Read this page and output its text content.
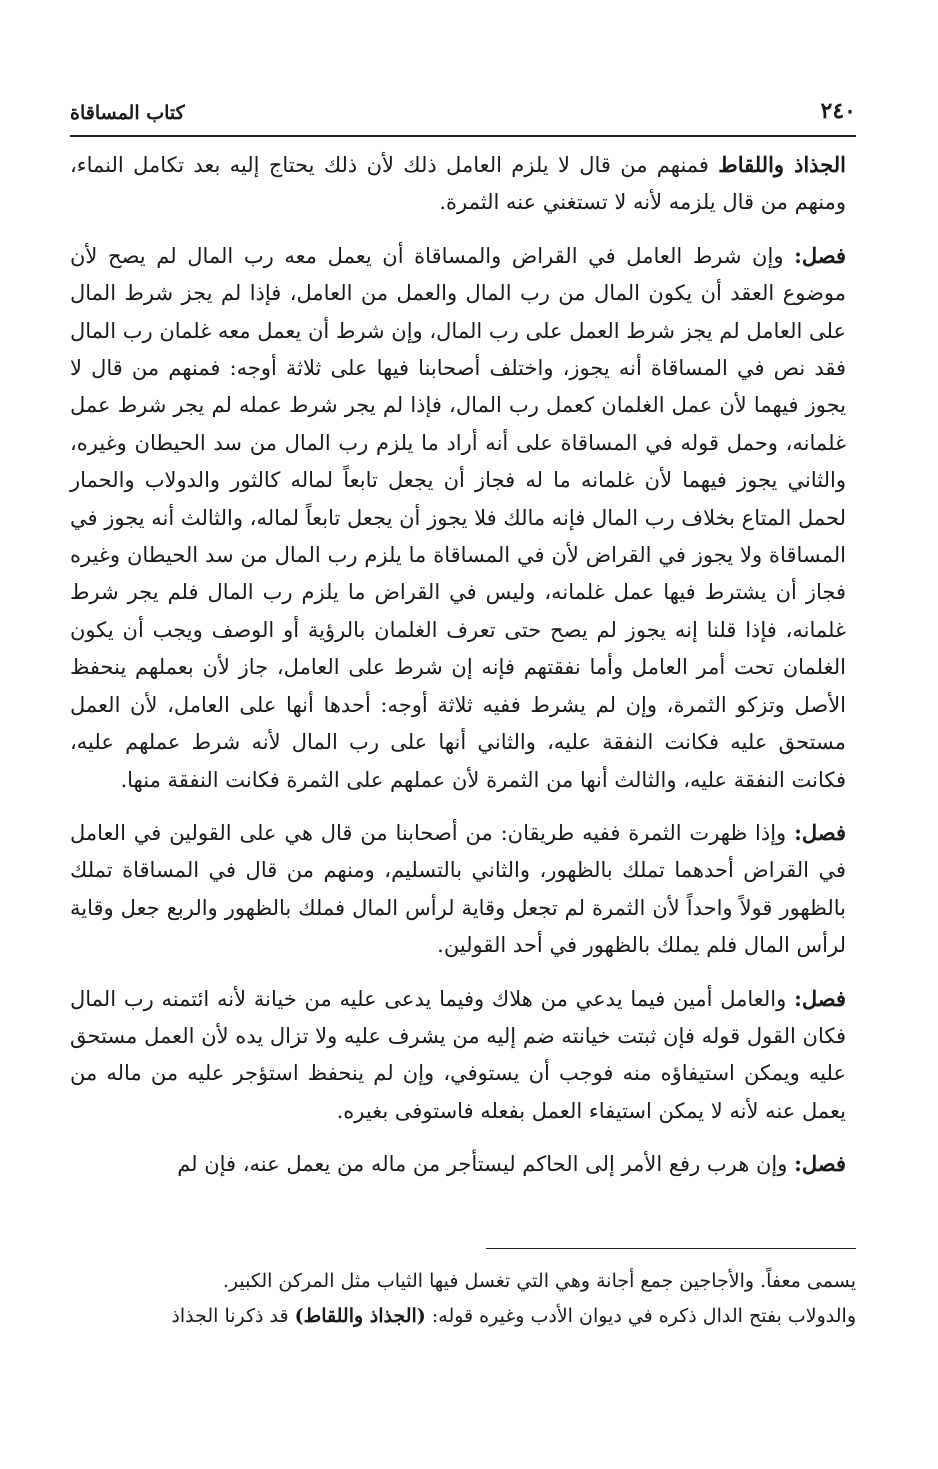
٢٤٠
كتاب المساقاة

الجذاذ واللقاط فمنهم من قال لا يلزم العامل ذلك لأن ذلك يحتاج إليه بعد تكامل النماء، ومنهم من قال يلزمه لأنه لا تستغني عنه الثمرة.

فصل: وإن شرط العامل في القراض والمساقاة أن يعمل معه رب المال لم يصح لأن موضوع العقد أن يكون المال من رب المال والعمل من العامل، فإذا لم يجز شرط المال على العامل لم يجز شرط العمل على رب المال، وإن شرط أن يعمل معه غلمان رب المال فقد نص في المساقاة أنه يجوز، واختلف أصحابنا فيها على ثلاثة أوجه: فمنهم من قال لا يجوز فيهما لأن عمل الغلمان كعمل رب المال، فإذا لم يجر شرط عمله لم يجر شرط عمل غلمانه، وحمل قوله في المساقاة على أنه أراد ما يلزم رب المال من سد الحيطان وغيره، والثاني يجوز فيهما لأن غلمانه ما له فجاز أن يجعل تابعاً لماله كالثور والدولاب والحمار لحمل المتاع بخلاف رب المال فإنه مالك فلا يجوز أن يجعل تابعاً لماله، والثالث أنه يجوز في المساقاة ولا يجوز في القراض لأن في المساقاة ما يلزم رب المال من سد الحيطان وغيره فجاز أن يشترط فيها عمل غلمانه، وليس في القراض ما يلزم رب المال فلم يجر شرط غلمانه، فإذا قلنا إنه يجوز لم يصح حتى تعرف الغلمان بالرؤية أو الوصف ويجب أن يكون الغلمان تحت أمر العامل وأما نفقتهم فإنه إن شرط على العامل، جاز لأن بعملهم ينحفظ الأصل وتزكو الثمرة، وإن لم يشرط ففيه ثلاثة أوجه: أحدها أنها على العامل، لأن العمل مستحق عليه فكانت النفقة عليه، والثاني أنها على رب المال لأنه شرط عملهم عليه، فكانت النفقة عليه، والثالث أنها من الثمرة لأن عملهم على الثمرة فكانت النفقة منها.

فصل: وإذا ظهرت الثمرة ففيه طريقان: من أصحابنا من قال هي على القولين في العامل في القراض أحدهما تملك بالظهور، والثاني بالتسليم، ومنهم من قال في المساقاة تملك بالظهور قولاً واحداً لأن الثمرة لم تجعل وقاية لرأس المال فملك بالظهور والربع جعل وقاية لرأس المال فلم يملك بالظهور في أحد القولين.

فصل: والعامل أمين فيما يدعي من هلاك وفيما يدعى عليه من خيانة لأنه ائتمنه رب المال فكان القول قوله فإن ثبتت خيانته ضم إليه من يشرف عليه ولا تزال يده لأن العمل مستحق عليه ويمكن استيفاؤه منه فوجب أن يستوفي، وإن لم ينحفظ استؤجر عليه من ماله من يعمل عنه لأنه لا يمكن استيفاء العمل بفعله فاستوفى بغيره.

فصل: وإن هرب رفع الأمر إلى الحاكم ليستأجر من ماله من يعمل عنه، فإن لم

يسمى معفاً. والأجاجين جمع أجانة وهي التي تغسل فيها الثياب مثل المركن الكبير.

والدولاب بفتح الدال ذكره في ديوان الأدب وغيره قوله: (الجذاذ واللقاط) قد ذكرنا الجذاذ
